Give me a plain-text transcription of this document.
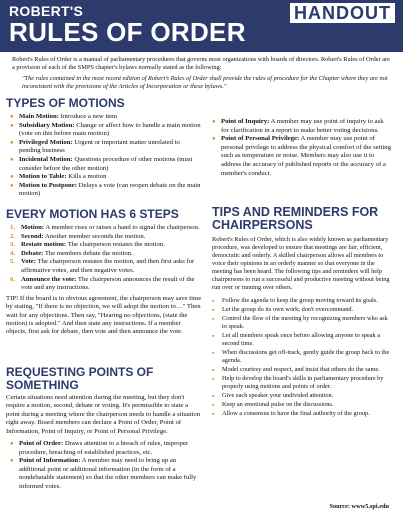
ROBERT'S
RULES OF ORDER
HANDOUT

Robert's Rules of Order is a manual of parliamentary procedures that governs most organizations with boards of directors. Robert's Rules of Order are a provision of each of the SMPS chapter's bylaws normally stated as the following:

"The rules contained in the most recent edition of Robert's Rules of Order shall provide the rules of procedure for the Chapter where they are not inconsistent with the provisions of the Articles of Incorporation or these bylaws."

TYPES OF MOTIONS
● Main Motion: Introduce a new item
● Subsidiary Motion: Change or affect how to handle a main motion (vote on this before main motion)
● Privileged Motion: Urgent or important matter unrelated to pending business
● Incidental Motion: Questions procedure of other motions (must consider before the other motion)
● Motion to Table: Kills a motion
● Motion to Postpone: Delays a vote (can reopen debate on the main motion)
● Point of Inquiry: A member may use point of inquiry to ask for clarification in a report to make better voting decisions.
● Point of Personal Privilege: A member may use point of personal privilege to address the physical comfort of the setting such as temperature or noise. Members may also use it to address the accuracy of published reports or the accuracy of a member's conduct.
EVERY MOTION HAS 6 STEPS
1. Motion: A member rises or raises a hand to signal the chairperson.
2. Second: Another member seconds the motion.
3. Restate motion: The chairperson restates the motion.
4. Debate: The members debate the motion.
5. Vote: The chairperson restates the motion, and then first asks for affirmative votes, and then negative votes.
6. Announce the vote: The chairperson announces the result of the vote and any instructions.

TIP! If the board is in obvious agreement, the chairperson may save time by stating, "If there is no objection, we will adopt the motion to…" Then wait for any objections. Then say, "Hearing no objections, (state the motion) is adopted." And then state any instructions. If a member objects, first ask for debate, then vote and then announce the vote.

REQUESTING POINTS OF
SOMETHING

Certain situations need attention during the meeting, but they don't require a motion, second, debate or voting. It's permissible to state a point during a meeting where the chairperson needs to handle a situation right away. Board members can declare a Point of Order, Point of Information, Point of Inquiry, or Point of Personal Privilege.

● Point of Order: Draws attention to a breach of rules, improper procedure, breaching of established practices, etc.
● Point of Information: A member may need to bring up an additional point or additional information (in the form of a nondebatable statement) so that the other members can make fully informed votes.
TIPS AND REMINDERS FOR
CHAIRPERSONS

Robert's Rules of Order, which is also widely known as parliamentary procedure, was developed to ensure that meetings are fair, efficient, democratic and orderly. A skilled chairperson allows all members to voice their opinions in an orderly manner so that everyone in the meeting has been heard. The following tips and reminders will help chairpersons to run a successful and productive meeting without being run over or running over others.

▪ Follow the agenda to keep the group moving toward its goals.
▪ Let the group do its own work; don't overcommand.
▪ Control the flow of the meeting by recognizing members who ask to speak.
▪ Let all members speak once before allowing anyone to speak a second time.
▪ When discussions get off-track, gently guide the group back to the agenda.
▪ Model courtesy and respect, and insist that others do the same.
▪ Help to develop the board's skills in parliamentary procedure by properly using motions and points of order.
▪ Give each speaker your undivided attention.
▪ Keep an emotional pulse on the discussions.
▪ Allow a consensus to have the final authority of the group.
Source: www5.spi.edu
